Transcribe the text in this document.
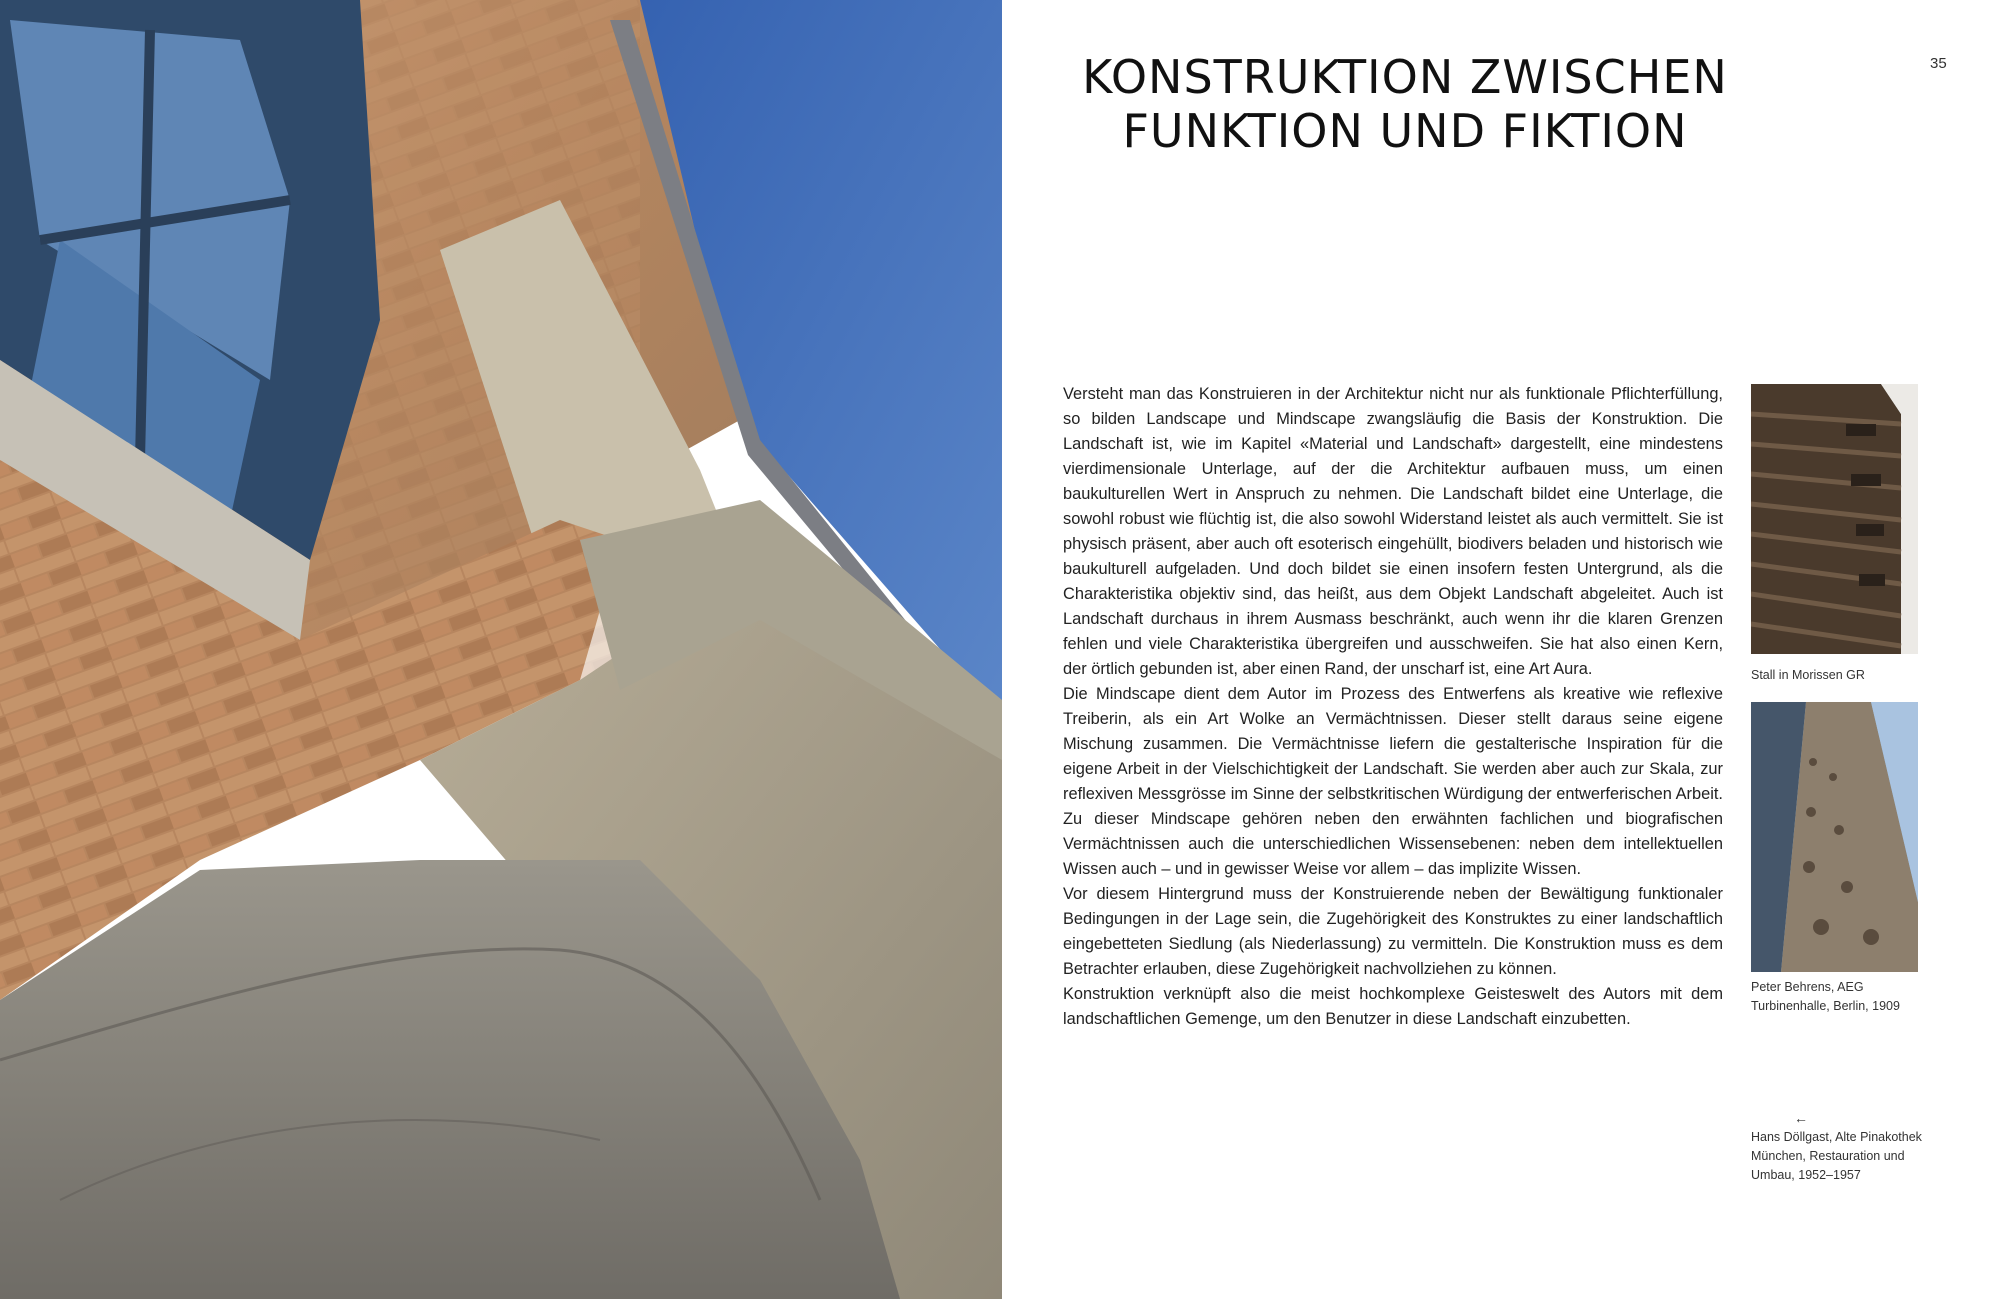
35
KONSTRUKTION ZWISCHEN
FUNKTION UND FIKTION

Versteht man das Konstruieren in der Architektur nicht nur als funktionale Pflichterfüllung, so bilden Landscape und Mindscape zwangsläufig die Basis der Konstruktion. Die Landschaft ist, wie im Kapitel «Material und Landschaft» dargestellt, eine mindestens vierdimensionale Unterlage, auf der die Architektur aufbauen muss, um einen baukulturellen Wert in Anspruch zu nehmen. Die Landschaft bildet eine Unterlage, die sowohl robust wie flüchtig ist, die also sowohl Widerstand leistet als auch vermittelt. Sie ist physisch präsent, aber auch oft esoterisch eingehüllt, biodivers beladen und historisch wie baukulturell aufgeladen. Und doch bildet sie einen insofern festen Untergrund, als die Charakteristika objektiv sind, das heißt, aus dem Objekt Landschaft abgeleitet. Auch ist Landschaft durchaus in ihrem Ausmass beschränkt, auch wenn ihr die klaren Grenzen fehlen und viele Charakteristika übergreifen und ausschweifen. Sie hat also einen Kern, der örtlich gebunden ist, aber einen Rand, der unscharf ist, eine Art Aura.

Die Mindscape dient dem Autor im Prozess des Entwerfens als kreative wie reflexive Treiberin, als ein Art Wolke an Vermächtnissen. Dieser stellt daraus seine eigene Mischung zusammen. Die Vermächtnisse liefern die gestalterische Inspiration für die eigene Arbeit in der Vielschichtigkeit der Landschaft. Sie werden aber auch zur Skala, zur reflexiven Messgrösse im Sinne der selbstkritischen Würdigung der entwerferischen Arbeit. Zu dieser Mindscape gehören neben den erwähnten fachlichen und biografischen Vermächtnissen auch die unterschiedlichen Wissensebenen: neben dem intellektuellen Wissen auch – und in gewisser Weise vor allem – das implizite Wissen.

Vor diesem Hintergrund muss der Konstruierende neben der Bewältigung funktionaler Bedingungen in der Lage sein, die Zugehörigkeit des Konstruktes zu einer landschaftlich eingebetteten Siedlung (als Niederlassung) zu vermitteln. Die Konstruktion muss es dem Betrachter erlauben, diese Zugehörigkeit nachvollziehen zu können.

Konstruktion verknüpft also die meist hochkomplexe Geisteswelt des Autors mit dem landschaftlichen Gemenge, um den Benutzer in diese Landschaft einzubetten.

Stall in Morissen GR
Peter Behrens, AEG
Turbinenhalle, Berlin, 1909
←
Hans Döllgast, Alte Pinakothek
München, Restauration und
Umbau, 1952–1957
